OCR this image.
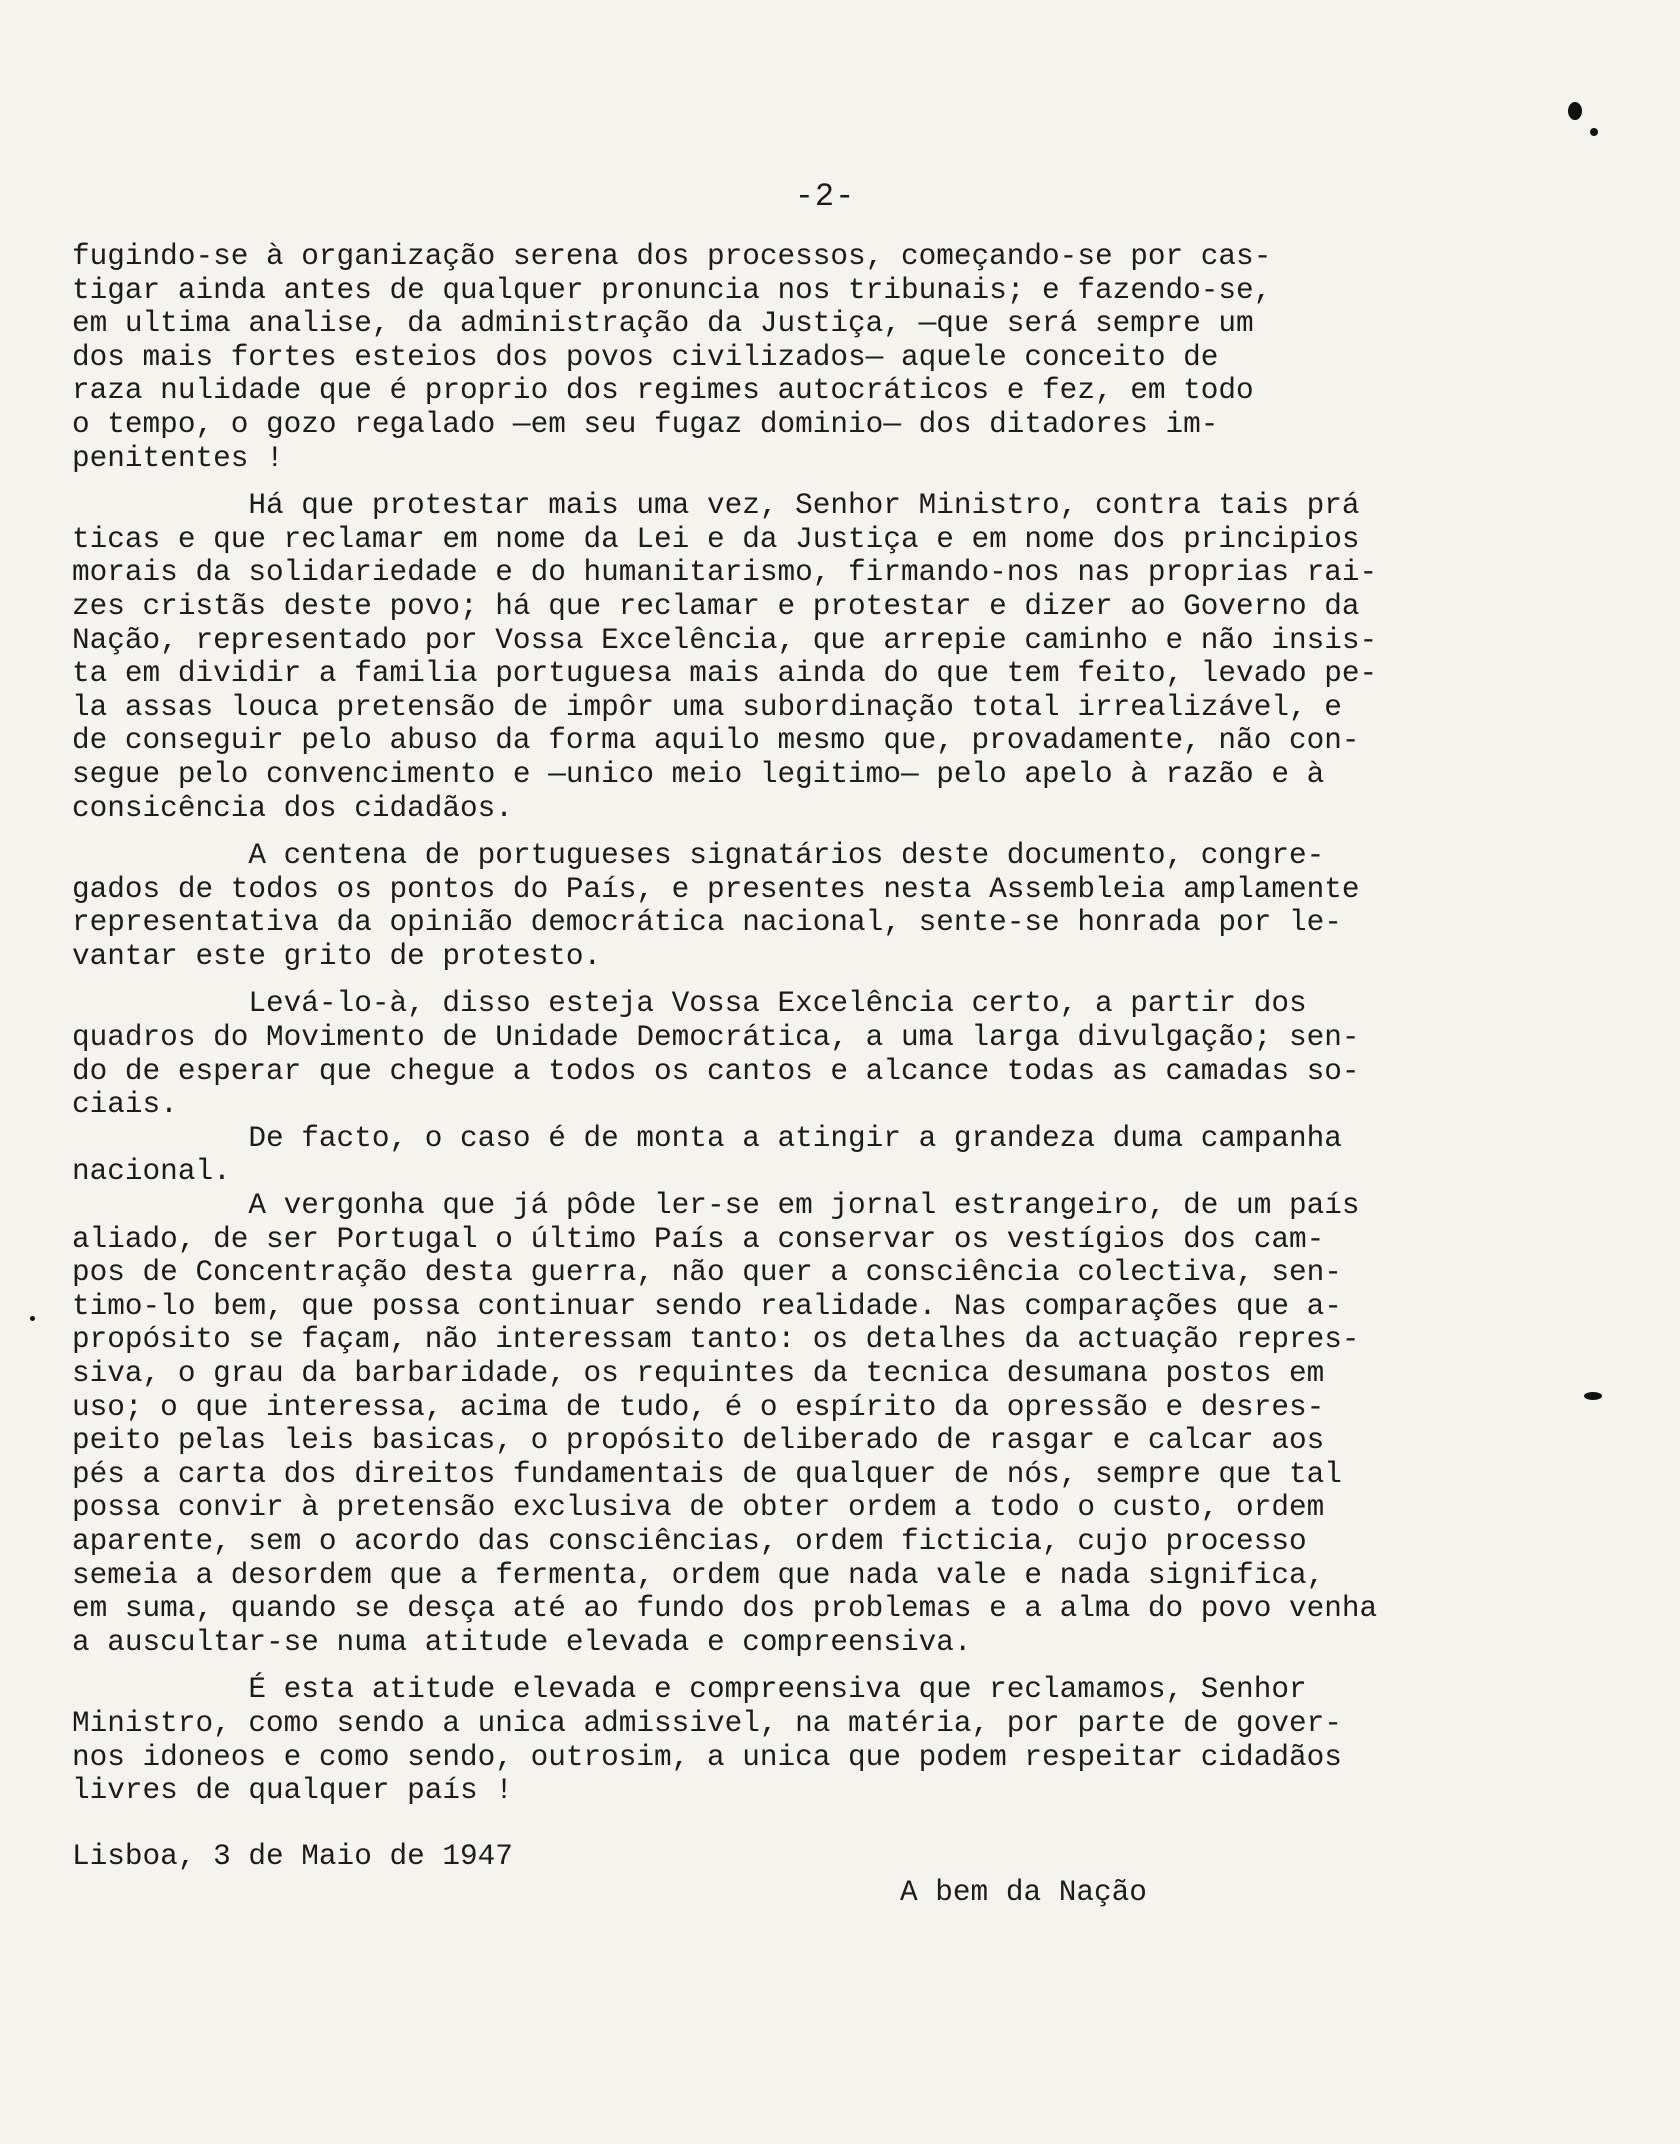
-2-
fugindo-se à organização serena dos processos, começando-se por cas-
tigar ainda antes de qualquer pronuncia nos tribunais; e fazendo-se,
em ultima analise, da administração da Justiça, —que será sempre um
dos mais fortes esteios dos povos civilizados— aquele conceito de
raza nulidade que é proprio dos regimes autocráticos e fez, em todo
o tempo, o gozo regalado —em seu fugaz dominio— dos ditadores im-
penitentes !
Há que protestar mais uma vez, Senhor Ministro, contra tais prá
ticas e que reclamar em nome da Lei e da Justiça e em nome dos principios
morais da solidariedade e do humanitarismo, firmando-nos nas proprias rai-
zes cristãs deste povo; há que reclamar e protestar e dizer ao Governo da
Nação, representado por Vossa Excelência, que arrepie caminho e não insis-
ta em dividir a familia portuguesa mais ainda do que tem feito, levado pe-
la assas louca pretensão de impôr uma subordinação total irrealizável, e
de conseguir pelo abuso da forma aquilo mesmo que, provadamente, não con-
segue pelo convencimento e —unico meio legitimo— pelo apelo à razão e à
consicência dos cidadãos.
A centena de portugueses signatários deste documento, congre-
gados de todos os pontos do País, e presentes nesta Assembleia amplamente
representativa da opinião democrática nacional, sente-se honrada por le-
vantar este grito de protesto.
Levá-lo-à, disso esteja Vossa Excelência certo, a partir dos
quadros do Movimento de Unidade Democrática, a uma larga divulgação; sen-
do de esperar que chegue a todos os cantos e alcance todas as camadas so-
ciais.
De facto, o caso é de monta a atingir a grandeza duma campanha
nacional.
A vergonha que já pôde ler-se em jornal estrangeiro, de um país
aliado, de ser Portugal o último País a conservar os vestígios dos cam-
pos de Concentração desta guerra, não quer a consciência colectiva, sen-
timo-lo bem, que possa continuar sendo realidade. Nas comparações que a-
propósito se façam, não interessam tanto: os detalhes da actuação repres-
siva, o grau da barbaridade, os requintes da tecnica desumana postos em
uso; o que interessa, acima de tudo, é o espírito da opressão e desres-
peito pelas leis basicas, o propósito deliberado de rasgar e calcar aos
pés a carta dos direitos fundamentais de qualquer de nós, sempre que tal
possa convir à pretensão exclusiva de obter ordem a todo o custo, ordem
aparente, sem o acordo das consciências, ordem ficticia, cujo processo
semeia a desordem que a fermenta, ordem que nada vale e nada significa,
em suma, quando se desça até ao fundo dos problemas e a alma do povo venha
a auscultar-se numa atitude elevada e compreensiva.
É esta atitude elevada e compreensiva que reclamamos, Senhor
Ministro, como sendo a unica admissivel, na matéria, por parte de gover-
nos idoneos e como sendo, outrosim, a unica que podem respeitar cidadãos
livres de qualquer país !
Lisboa, 3 de Maio de 1947
A bem da Nação
